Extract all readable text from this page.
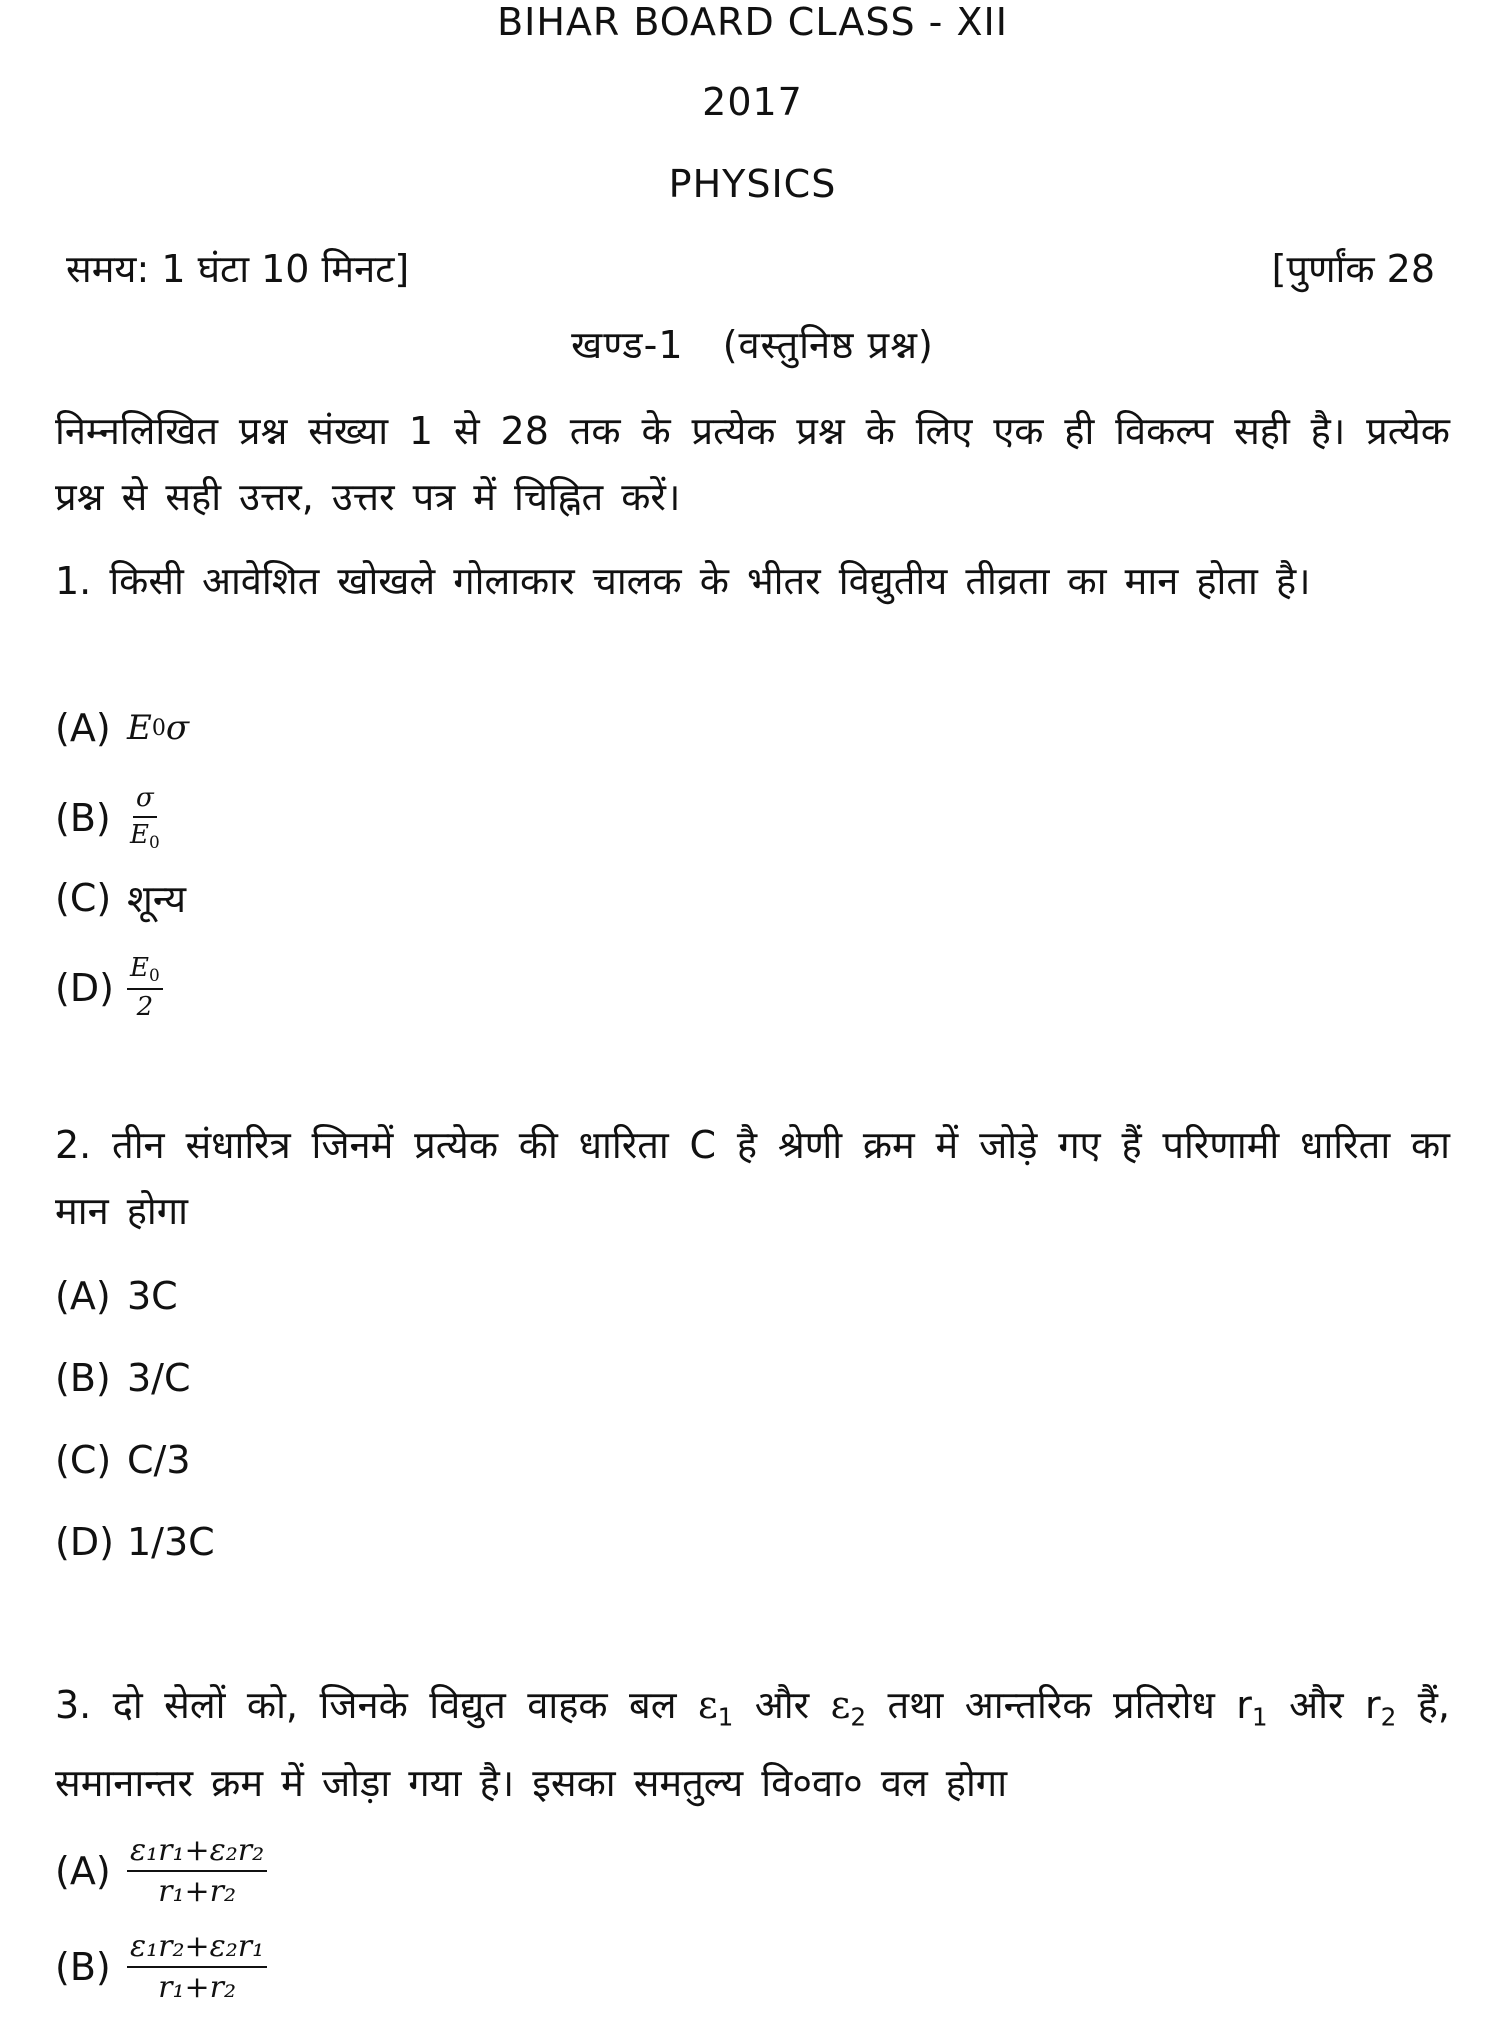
BIHAR BOARD CLASS - XII
2017
PHYSICS
समय: 1 घंटा 10 मिनट]	[पुर्णांक 28
खण्ड-1   (वस्तुनिष्ठ प्रश्न)
निम्नलिखित प्रश्न संख्या 1 से 28 तक के प्रत्येक प्रश्न के लिए एक ही विकल्प सही है। प्रत्येक प्रश्न से सही उत्तर, उत्तर पत्र में चिह्नित करें।
1. किसी आवेशित खोखले गोलाकार चालक के भीतर विद्युतीय तीव्रता का मान होता है।
(A) E 0 σ
$(B) \frac{\sigma}{E_0}$
(C) शून्य
$(D) \frac{E_0}{2}$
2. तीन संधारित्र जिनमें प्रत्येक की धारिता C है श्रेणी क्रम में जोड़े गए हैं परिणामी धारिता का मान होगा
(A) 3C
(B) 3/C
(C) C/3
(D) 1/3C
3. दो सेलों को, जिनके विद्युत वाहक बल $\varepsilon_1$ और $\varepsilon_2$ तथा आन्तरिक प्रतिरोध $r_1$ और $r_2$ हैं, समानान्तर क्रम में जोड़ा गया है। इसका समतुल्य वि०वा० वल होगा
$(A) \frac{\text{ε₁r₁+ε₂r₂}}{\text{r₁+r₂}}$
$(B) \frac{\text{ε₁r₂+ε₂r₁}}{\text{r₁+r₂}}$
